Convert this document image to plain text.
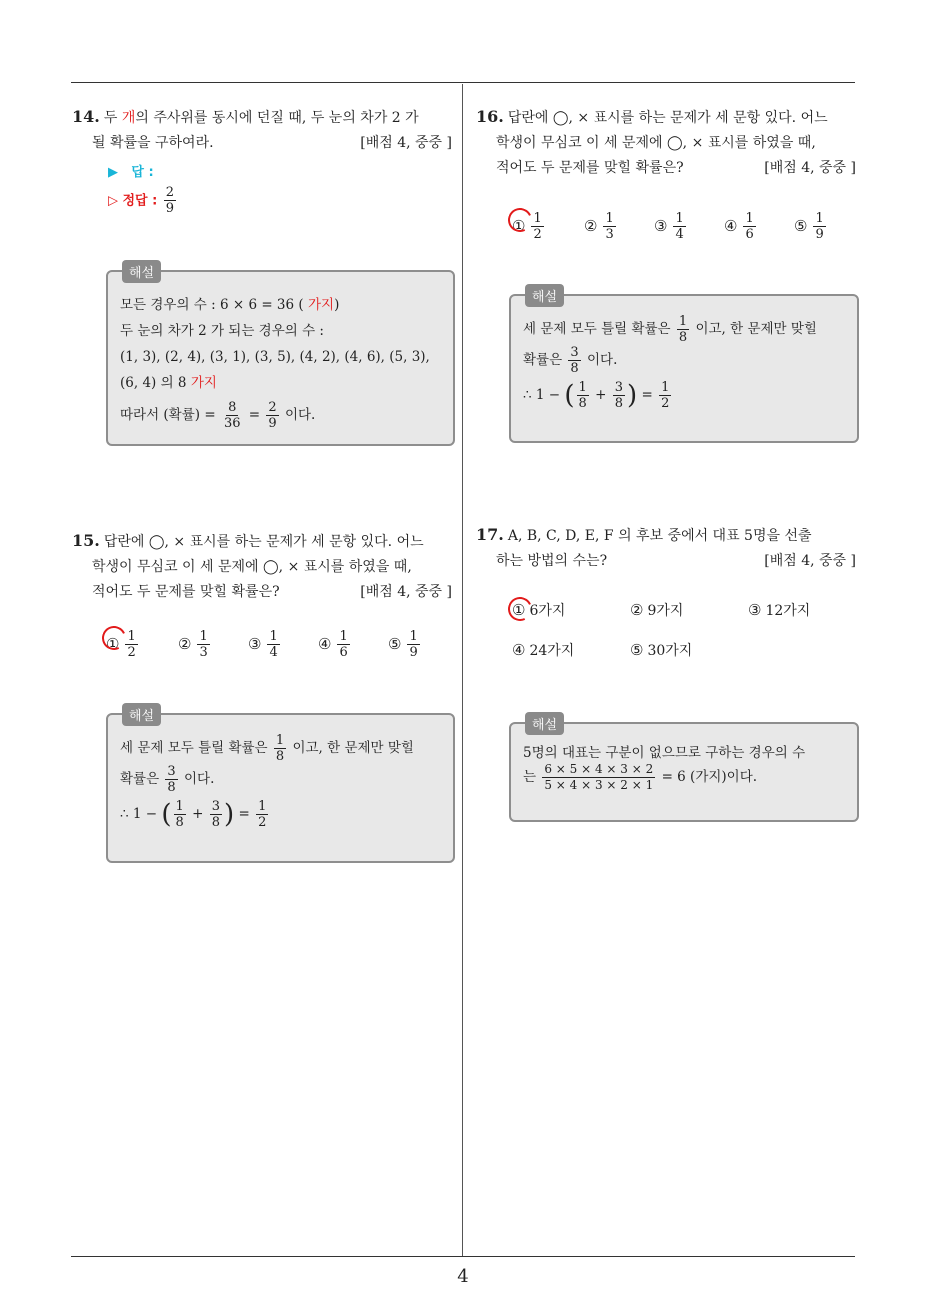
4
14. 두 개의 주사위를 동시에 던질 때, 두 눈의 차가 2 가
될 확률을 구하여라.	[배점 4, 중중 ]
▶ 답 :
▷ 정답 : $\frac{2}{9}$
해설
모든 경우의 수 : 6 × 6 = 36 ( 가지)
두 눈의 차가 2 가 되는 경우의 수 :
(1, 3), (2, 4), (3, 1), (3, 5), (4, 2), (4, 6), (5, 3),
(6, 4) 의 8 가지
따라서 (확률) = $\frac{8}{36} = \frac{2}{9}$ 이다.
15. 답란에 ◯, × 표시를 하는 문제가 세 문항 있다. 어느
학생이 무심코 이 세 문제에 ◯, × 표시를 하였을 때,
적어도 두 문제를 맞힐 확률은?	[배점 4, 중중 ]
① $\frac{1}{2}$	② $\frac{1}{3}$	③ $\frac{1}{4}$	④ $\frac{1}{6}$	⑤ $\frac{1}{9}$
해설
세 문제 모두 틀릴 확률은 $\frac{1}{8}$ 이고, 한 문제만 맞힐
확률은 $\frac{3}{8}$ 이다.
∴ 1 − ( $\frac{1}{8} + \frac{3}{8}$ ) = $\frac{1}{2}$
16. 답란에 ◯, × 표시를 하는 문제가 세 문항 있다. 어느
학생이 무심코 이 세 문제에 ◯, × 표시를 하였을 때,
적어도 두 문제를 맞힐 확률은?	[배점 4, 중중 ]
① $\frac{1}{2}$	② $\frac{1}{3}$	③ $\frac{1}{4}$	④ $\frac{1}{6}$	⑤ $\frac{1}{9}$
해설
세 문제 모두 틀릴 확률은 $\frac{1}{8}$ 이고, 한 문제만 맞힐
확률은 $\frac{3}{8}$ 이다.
∴ 1 − ( $\frac{1}{8} + \frac{3}{8}$ ) = $\frac{1}{2}$
17. A, B, C, D, E, F 의 후보 중에서 대표 5명을 선출
하는 방법의 수는?	[배점 4, 중중 ]
① 6가지	② 9가지	③ 12가지
④ 24가지	⑤ 30가지
해설
5명의 대표는 구분이 없으므로 구하는 경우의 수
는 $\frac{6 \times 5 \times 4 \times 3 \times 2}{5 \times 4 \times 3 \times 2 \times 1} = 6$ (가지)이다.
